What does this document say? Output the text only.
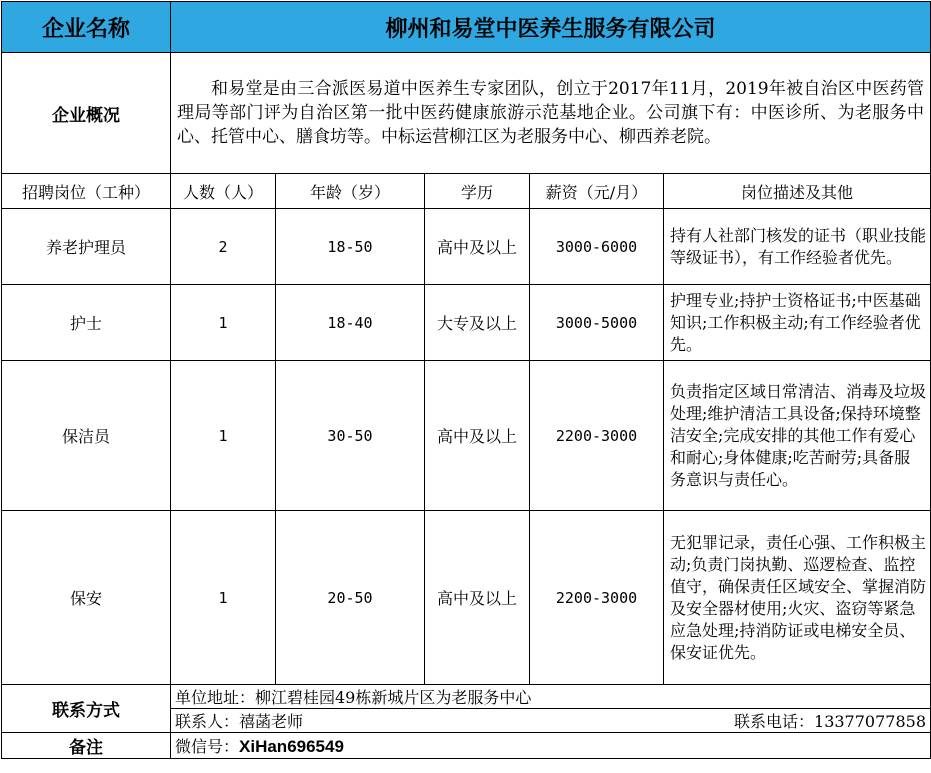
企业名称	柳州和易堂中医养生服务有限公司				
企业概况	和易堂是由三合派医易道中医养生专家团队，创立于2017年11月，2019年被自治区中医药管理局等部门评为自治区第一批中医药健康旅游示范基地企业。公司旗下有：中医诊所、为老服务中心、托管中心、膳食坊等。中标运营柳江区为老服务中心、柳西养老院。				
招聘岗位（工种）	人数（人）	年龄（岁）	学历	薪资（元/月）	岗位描述及其他
养老护理员	2	18-50	高中及以上	3000-6000	持有人社部门核发的证书（职业技能等级证书），有工作经验者优先。
护士	1	18-40	大专及以上	3000-5000	护理专业;持护士资格证书;中医基础知识;工作积极主动;有工作经验者优先。
保洁员	1	30-50	高中及以上	2200-3000	负责指定区域日常清洁、消毒及垃圾处理;维护清洁工具设备;保持环境整洁安全;完成安排的其他工作有爱心和耐心;身体健康;吃苦耐劳;具备服务意识与责任心。
保安	1	20-50	高中及以上	2200-3000	无犯罪记录，责任心强、工作积极主动;负责门岗执勤、巡逻检查、监控值守，确保责任区域安全、掌握消防及安全器材使用;火灾、盗窃等紧急应急处理;持消防证或电梯安全员、保安证优先。
联系方式	单位地址：柳江碧桂园49栋新城片区为老服务中心				
	联系人：禧菡老师 联系电话：13377077858				

备注	微信号：XiHan696549				
